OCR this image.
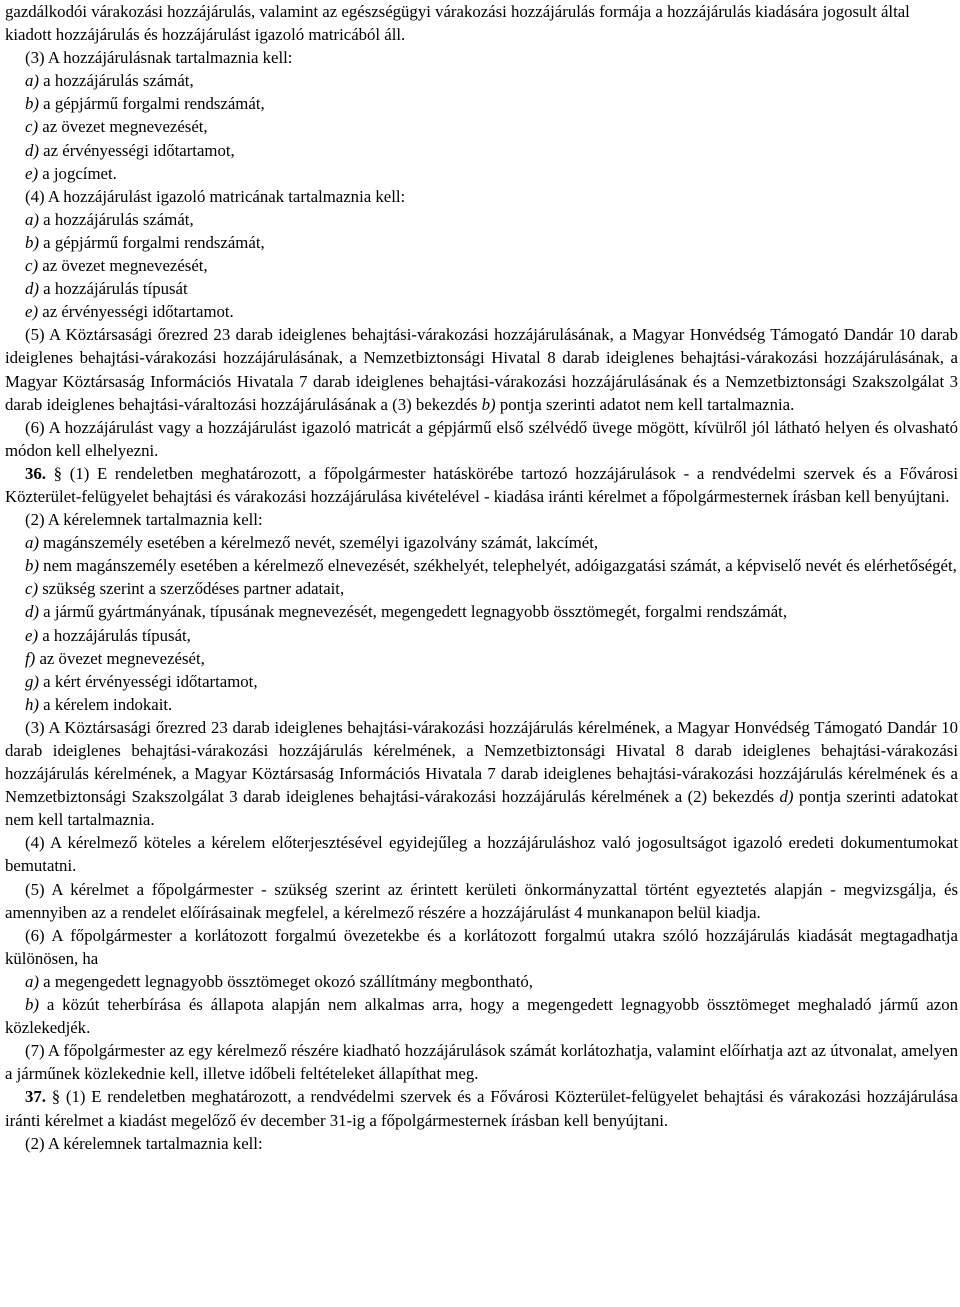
gazdálkodói várakozási hozzájárulás, valamint az egészségügyi várakozási hozzájárulás formája a hozzájárulás kiadására jogosult által kiadott hozzájárulás és hozzájárulást igazoló matricából áll.

(3) A hozzájárulásnak tartalmaznia kell:

a) a hozzájárulás számát,

b) a gépjármű forgalmi rendszámát,

c) az övezet megnevezését,

d) az érvényességi időtartamot,

e) a jogcímet.

(4) A hozzájárulást igazoló matricának tartalmaznia kell:

a) a hozzájárulás számát,

b) a gépjármű forgalmi rendszámát,

c) az övezet megnevezését,

d) a hozzájárulás típusát

e) az érvényességi időtartamot.

(5) A Köztársasági őrezred 23 darab ideiglenes behajtási-várakozási hozzájárulásának, a Magyar Honvédség Támogató Dandár 10 darab ideiglenes behajtási-várakozási hozzájárulásának, a Nemzetbiztonsági Hivatal 8 darab ideiglenes behajtási-várakozási hozzájárulásának, a Magyar Köztársaság Információs Hivatala 7 darab ideiglenes behajtási-várakozási hozzájárulásának és a Nemzetbiztonsági Szakszolgálat 3 darab ideiglenes behajtási-váraltozási hozzájárulásának a (3) bekezdés b) pontja szerinti adatot nem kell tartalmaznia.

(6) A hozzájárulást vagy a hozzájárulást igazoló matricát a gépjármű első szélvédő üvege mögött, kívülről jól látható helyen és olvasható módon kell elhelyezni.

36. § (1) E rendeletben meghatározott, a főpolgármester hatáskörébe tartozó hozzájárulások - a rendvédelmi szervek és a Fővárosi Közterület-felügyelet behajtási és várakozási hozzájárulása kivételével - kiadása iránti kérelmet a főpolgármesternek írásban kell benyújtani.

(2) A kérelemnek tartalmaznia kell:

a) magánszemély esetében a kérelmező nevét, személyi igazolvány számát, lakcímét,

b) nem magánszemély esetében a kérelmező elnevezését, székhelyét, telephelyét, adóigazgatási számát, a képviselő nevét és elérhetőségét,

c) szükség szerint a szerződéses partner adatait,

d) a jármű gyártmányának, típusának megnevezését, megengedett legnagyobb össztömegét, forgalmi rendszámát,

e) a hozzájárulás típusát,

f) az övezet megnevezését,

g) a kért érvényességi időtartamot,

h) a kérelem indokait.

(3) A Köztársasági őrezred 23 darab ideiglenes behajtási-várakozási hozzájárulás kérelmének, a Magyar Honvédség Támogató Dandár 10 darab ideiglenes behajtási-várakozási hozzájárulás kérelmének, a Nemzetbiztonsági Hivatal 8 darab ideiglenes behajtási-várakozási hozzájárulás kérelmének, a Magyar Köztársaság Információs Hivatala 7 darab ideiglenes behajtási-várakozási hozzájárulás kérelmének és a Nemzetbiztonsági Szakszolgálat 3 darab ideiglenes behajtási-várakozási hozzájárulás kérelmének a (2) bekezdés d) pontja szerinti adatokat nem kell tartalmaznia.

(4) A kérelmező köteles a kérelem előterjesztésével egyidejűleg a hozzájáruláshoz való jogosultságot igazoló eredeti dokumentumokat bemutatni.

(5) A kérelmet a főpolgármester - szükség szerint az érintett kerületi önkormányzattal történt egyeztetés alapján - megvizsgálja, és amennyiben az a rendelet előírásainak megfelel, a kérelmező részére a hozzájárulást 4 munkanapon belül kiadja.

(6) A főpolgármester a korlátozott forgalmú övezetekbe és a korlátozott forgalmú utakra szóló hozzájárulás kiadását megtagadhatja különösen, ha

a) a megengedett legnagyobb össztömeget okozó szállítmány megbontható,

b) a közút teherbírása és állapota alapján nem alkalmas arra, hogy a megengedett legnagyobb össztömeget meghaladó jármű azon közlekedjék.

(7) A főpolgármester az egy kérelmező részére kiadható hozzájárulások számát korlátozhatja, valamint előírhatja azt az útvonalat, amelyen a járműnek közlekednie kell, illetve időbeli feltételeket állapíthat meg.

37. § (1) E rendeletben meghatározott, a rendvédelmi szervek és a Fővárosi Közterület-felügyelet behajtási és várakozási hozzájárulása iránti kérelmet a kiadást megelőző év december 31-ig a főpolgármesternek írásban kell benyújtani.

(2) A kérelemnek tartalmaznia kell:
